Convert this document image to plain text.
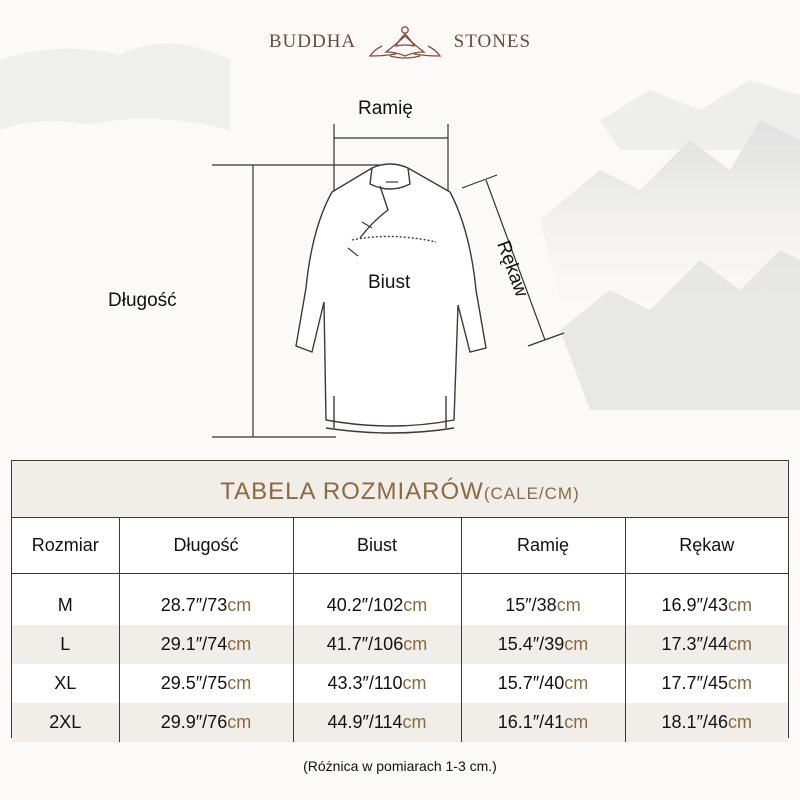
BUDDHA	STONES
Ramię
Rękaw
Biust
Długość
TABELA ROZMIARÓW(CALE/CM)
Rozmiar	Długość	Biust	Ramię	Rękaw

M	28.7″/73cm	40.2″/102cm	15″/38cm	16.9″/43cm
L	29.1″/74cm	41.7″/106cm	15.4″/39cm	17.3″/44cm
XL	29.5″/75cm	43.3″/110cm	15.7″/40cm	17.7″/45cm
2XL	29.9″/76cm	44.9″/114cm	16.1″/41cm	18.1″/46cm
(Różnica w pomiarach 1-3 cm.)
